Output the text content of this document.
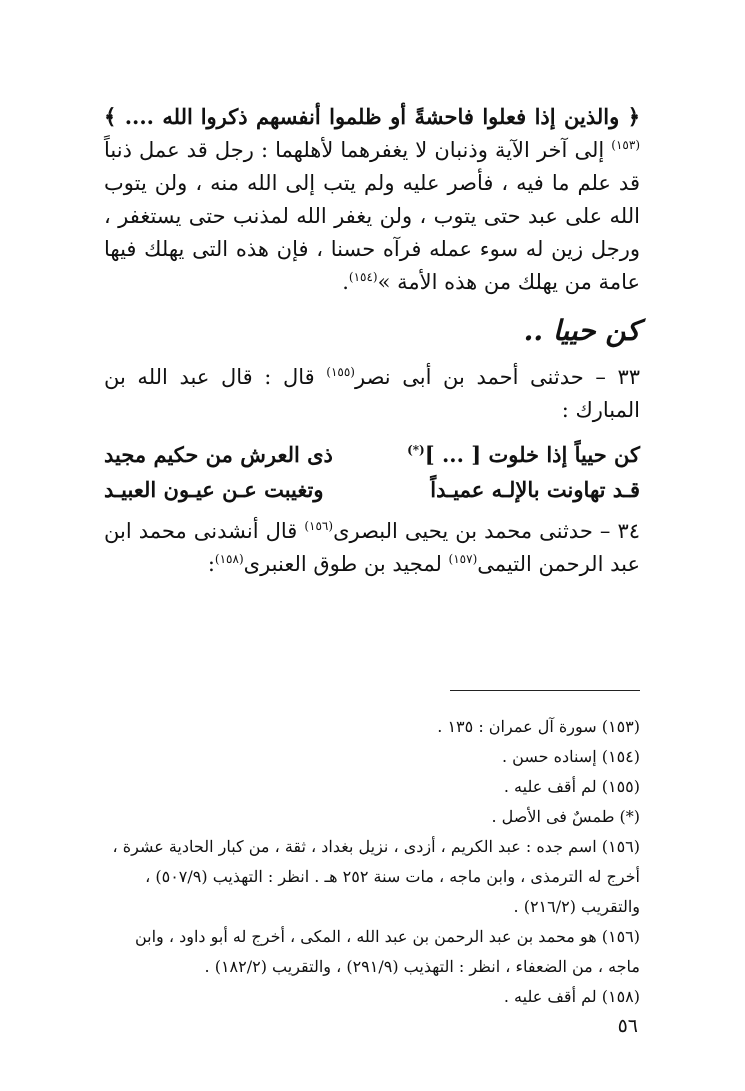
﴿ والذين إذا فعلوا فاحشةً أو ظلموا أنفسهم ذكروا الله .... ﴾$^{(١٥٣)}$ إلى آخر الآية وذنبان لا يغفرهما لأهلهما : رجل قد عمل ذنباً قد علم ما فيه ، فأصر عليه ولم يتب إلى الله منه ، ولن يتوب الله على عبد حتى يتوب ، ولن يغفر الله لمذنب حتى يستغفر ، ورجل زين له سوء عمله فرآه حسنا ، فإن هذه التى يهلك فيها عامة من يهلك من هذه الأمة »$^{(١٥٤)}$.

كن حييا ..

٣٣ – حدثنى أحمد بن أبى نصر$^{(١٥٥)}$ قال : قال عبد الله بن المبارك :

كن حيياً إذا خلوت [ ... ](*)
ذى العرش من حكيم مجيد
قـد تهاونت بالإلـه عميـداً
وتغيبت عـن عيـون العبيـد

٣٤ – حدثنى محمد بن يحيى البصرى$^{(١٥٦)}$ قال أنشدنى محمد ابن عبد الرحمن التيمى$^{(١٥٧)}$ لمجيد بن طوق العنبرى$^{(١٥٨)}$:

(١٥٣) سورة آل عمران : ١٣٥ .

(١٥٤) إسناده حسن .

(١٥٥) لم أقف عليه .

(*) طمسٌ فى الأصل .

(١٥٦) اسم جده : عبد الكريم ، أزدى ، نزيل بغداد ، ثقة ، من كبار الحادية عشرة ، أخرج له الترمذى ، وابن ماجه ، مات سنة ٢٥٢ هـ . انظر : التهذيب (٥٠٧/٩) ، والتقريب (٢١٦/٢) .

(١٥٦) هو محمد بن عبد الرحمن بن عبد الله ، المكى ، أخرج له أبو داود ، وابن ماجه ، من الضعفاء ، انظر : التهذيب (٢٩١/٩) ، والتقريب (١٨٢/٢) .

(١٥٨) لم أقف عليه .

٥٦
